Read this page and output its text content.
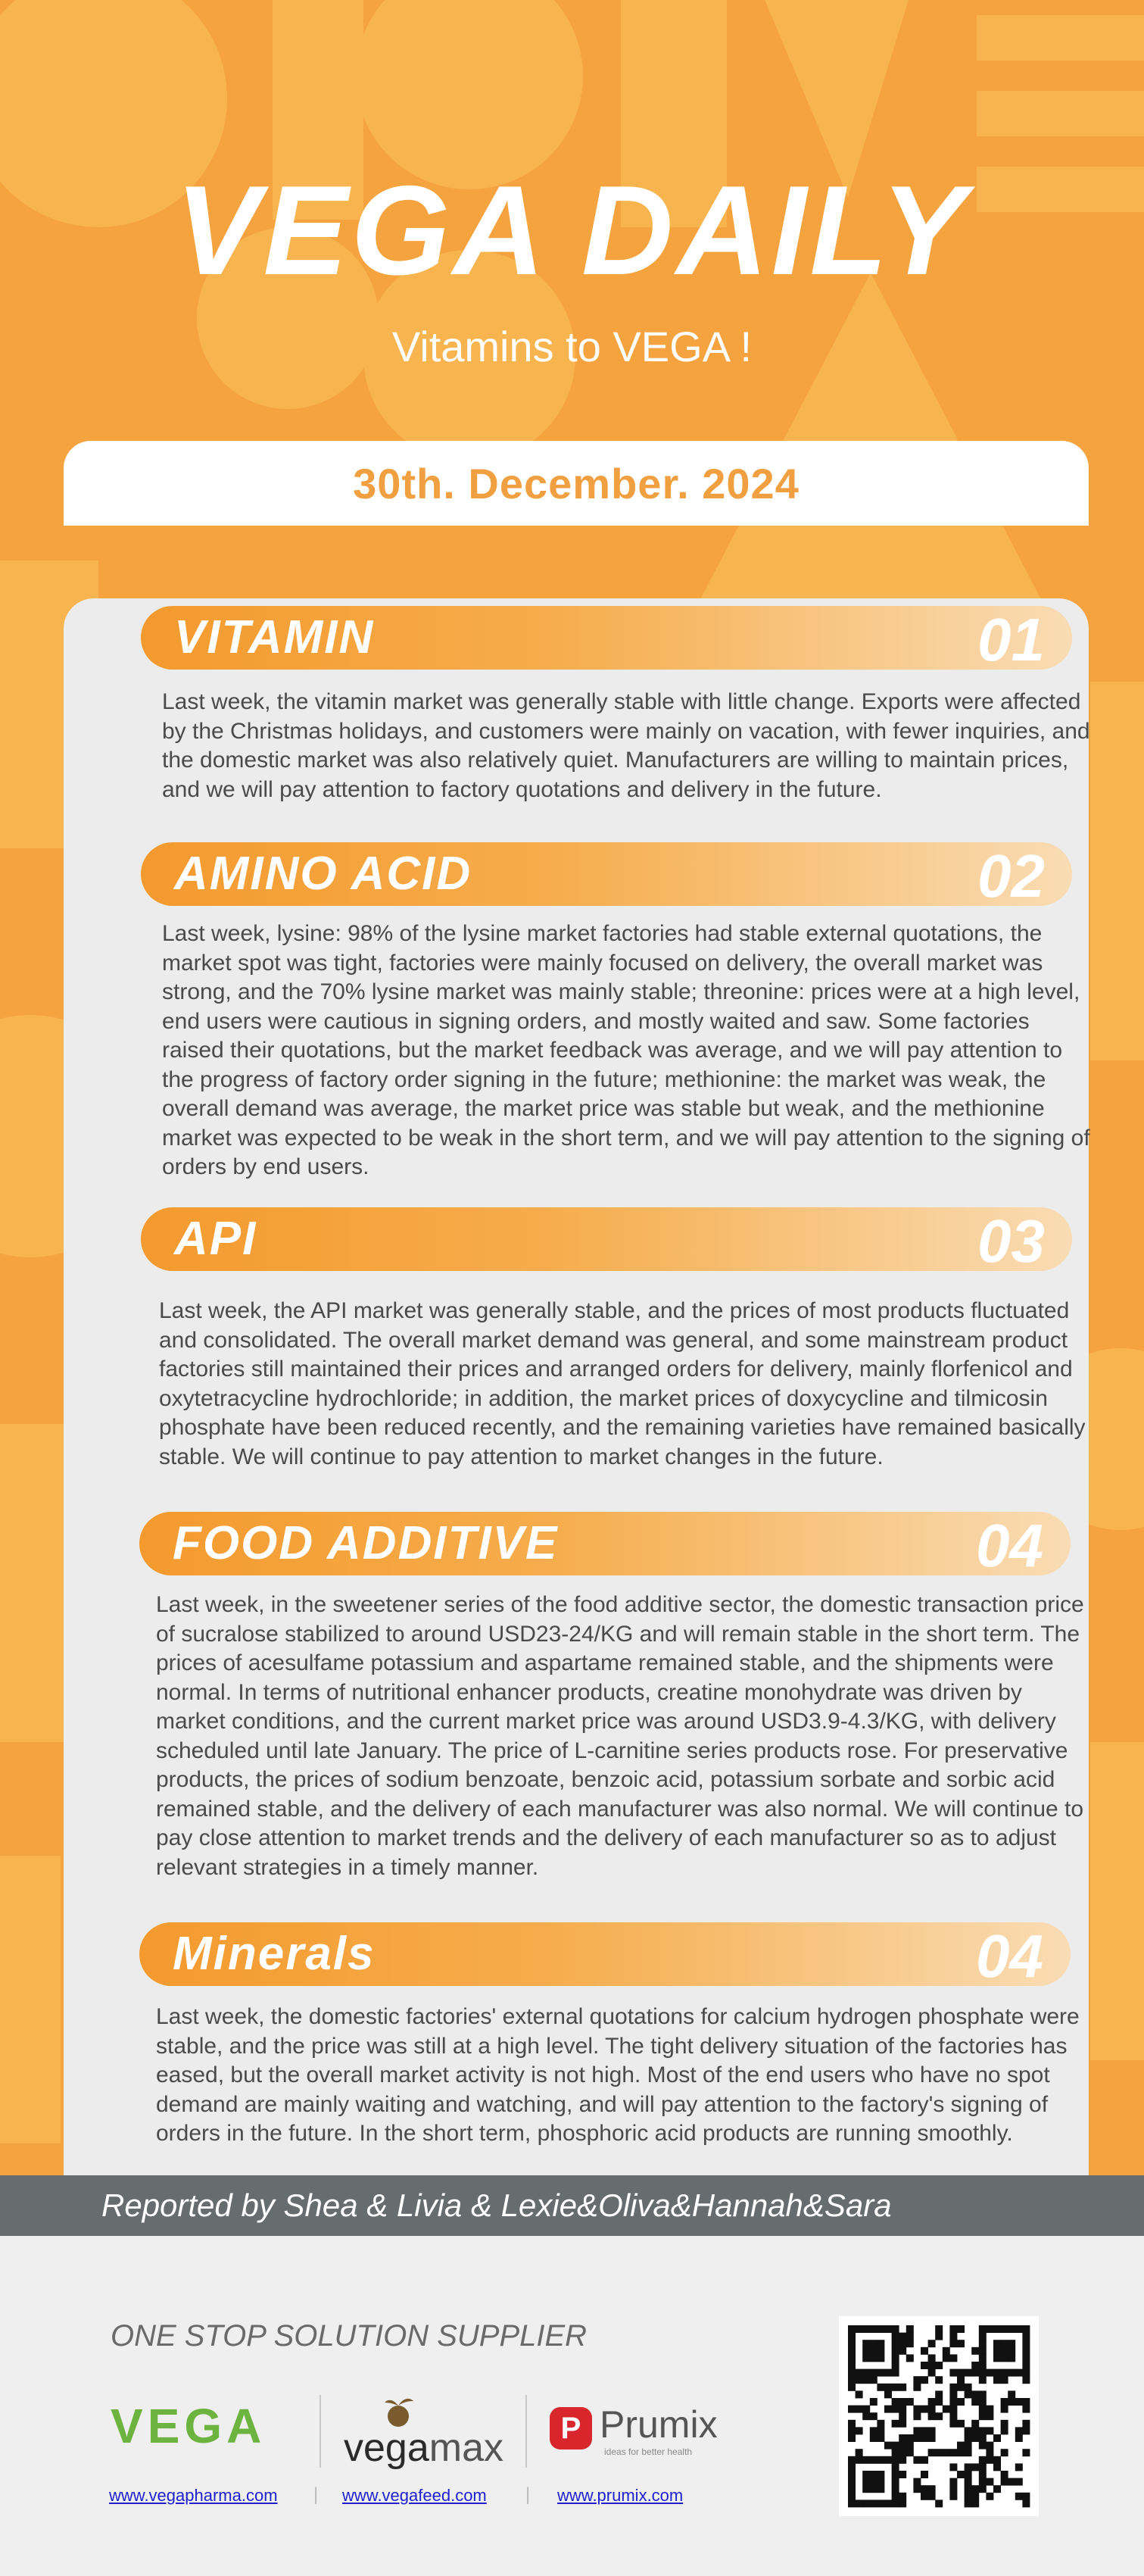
VEGA DAILY
Vitamins to VEGA !
30th. December. 2024
VITAMIN	01
Last week, the vitamin market was generally stable with little change. Exports were affected by the Christmas holidays, and customers were mainly on vacation, with fewer inquiries, and the domestic market was also relatively quiet. Manufacturers are willing to maintain prices, and we will pay attention to factory quotations and delivery in the future.
AMINO ACID	02
Last week, lysine: 98% of the lysine market factories had stable external quotations, the market spot was tight, factories were mainly focused on delivery, the overall market was strong, and the 70% lysine market was mainly stable; threonine: prices were at a high level, end users were cautious in signing orders, and mostly waited and saw. Some factories raised their quotations, but the market feedback was average, and we will pay attention to the progress of factory order signing in the future; methionine: the market was weak, the overall demand was average, the market price was stable but weak, and the methionine market was expected to be weak in the short term, and we will pay attention to the signing of orders by end users.
API	03
Last week, the API market was generally stable, and the prices of most products fluctuated and consolidated. The overall market demand was general, and some mainstream product factories still maintained their prices and arranged orders for delivery, mainly florfenicol and oxytetracycline hydrochloride; in addition, the market prices of doxycycline and tilmicosin phosphate have been reduced recently, and the remaining varieties have remained basically stable. We will continue to pay attention to market changes in the future.
FOOD ADDITIVE	04
Last week, in the sweetener series of the food additive sector, the domestic transaction price of sucralose stabilized to around USD23-24/KG and will remain stable in the short term. The prices of acesulfame potassium and aspartame remained stable, and the shipments were normal. In terms of nutritional enhancer products, creatine monohydrate was driven by market conditions, and the current market price was around USD3.9-4.3/KG, with delivery scheduled until late January. The price of L-carnitine series products rose. For preservative products, the prices of sodium benzoate, benzoic acid, potassium sorbate and sorbic acid remained stable, and the delivery of each manufacturer was also normal. We will continue to pay close attention to market trends and the delivery of each manufacturer so as to adjust relevant strategies in a timely manner.
Minerals	04
Last week, the domestic factories' external quotations for calcium hydrogen phosphate were stable, and the price was still at a high level. The tight delivery situation of the factories has eased, but the overall market activity is not high. Most of the end users who have no spot demand are mainly waiting and watching, and will pay attention to the factory's signing of orders in the future. In the short term, phosphoric acid products are running smoothly.
Reported by Shea & Livia & Lexie&Oliva&Hannah&Sara
ONE STOP SOLUTION SUPPLIER
VEGA vegamax	P Prumix
ideas for better health
www.vegapharma.com | www.vegafeed.com | www.prumix.com
